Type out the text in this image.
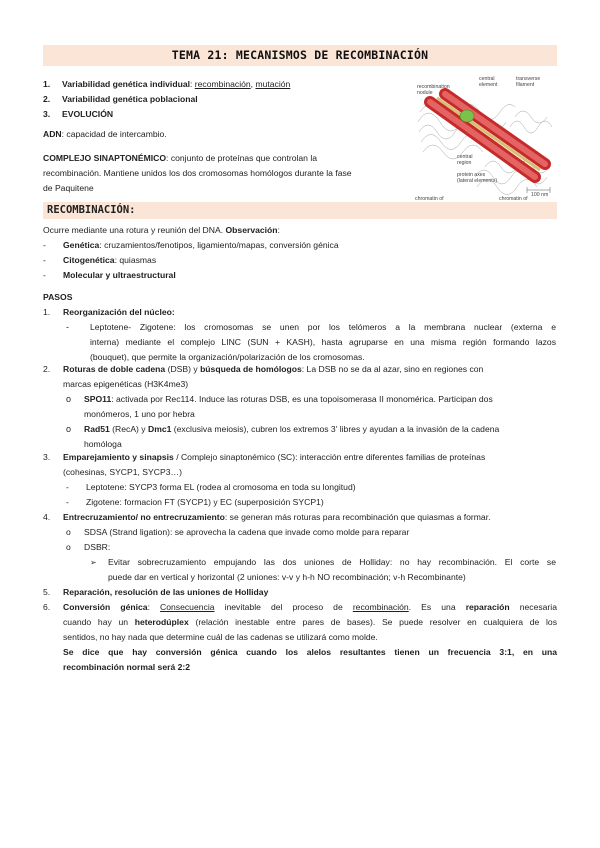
TEMA 21: MECANISMOS DE RECOMBINACIÓN
1. Variabilidad genética individual: recombinación, mutación
2. Variabilidad genética poblacional
3. EVOLUCIÓN
ADN: capacidad de intercambio.
COMPLEJO SINAPTONÉMICO: conjunto de proteínas que controlan la
recombinación. Mantiene unidos los dos cromosomas homólogos durante la fase
de Paquitene
recombination
nodule
central
element
transverse
filament
central
region
protein axes
(lateral elements)
100 nm
chromatin of

	chromatin of

RECOMBINACIÓN:
Ocurre mediante una rotura y reunión del DNA. Observación:
- Genética: cruzamientos/fenotipos, ligamiento/mapas, conversión génica
- Citogenética: quiasmas
- Molecular y ultraestructural
PASOS
1. Reorganización del núcleo:
- Leptotene- Zigotene: los cromosomas se unen por los telómeros a la membrana nuclear (externa e
interna) mediante el complejo LINC (SUN + KASH), hasta agruparse en una misma región formando lazos
(bouquet), que permite la organización/polarización de los cromosomas.
2. Roturas de doble cadena (DSB) y búsqueda de homólogos: La DSB no se da al azar, sino en regiones con
marcas epigenéticas (H3K4me3)
o SPO11: activada por Rec114. Induce las roturas DSB, es una topoisomerasa II monomérica. Participan dos
monómeros, 1 uno por hebra
o Rad51 (RecA) y Dmc1 (exclusiva meiosis), cubren los extremos 3' libres y ayudan a la invasión de la cadena
homóloga
3. Emparejamiento y sinapsis / Complejo sinaptonémico (SC): interacción entre diferentes familias de proteínas
(cohesinas, SYCP1, SYCP3…)
- Leptotene: SYCP3 forma EL (rodea al cromosoma en toda su longitud)
- Zigotene: formacion FT (SYCP1) y EC (superposición SYCP1)
4. Entrecruzamiento/ no entrecruzamiento: se generan más roturas para recombinación que quiasmas a formar.
o SDSA (Strand ligation): se aprovecha la cadena que invade como molde para reparar
o DSBR:
➢ Evitar sobrecruzamiento empujando las dos uniones de Holliday: no hay recombinación. El corte se
puede dar en vertical y horizontal (2 uniones: v-v y h-h NO recombinación; v-h Recombinante)
5. Reparación, resolución de las uniones de Holliday
6. Conversión génica: Consecuencia inevitable del proceso de recombinación. Es una reparación necesaria
cuando hay un heterodúplex (relación inestable entre pares de bases). Se puede resolver en cualquiera de los
sentidos, no hay nada que determine cuál de las cadenas se utilizará como molde.
Se dice que hay conversión génica cuando los alelos resultantes tienen un frecuencia 3:1, en una
recombinación normal será 2:2
